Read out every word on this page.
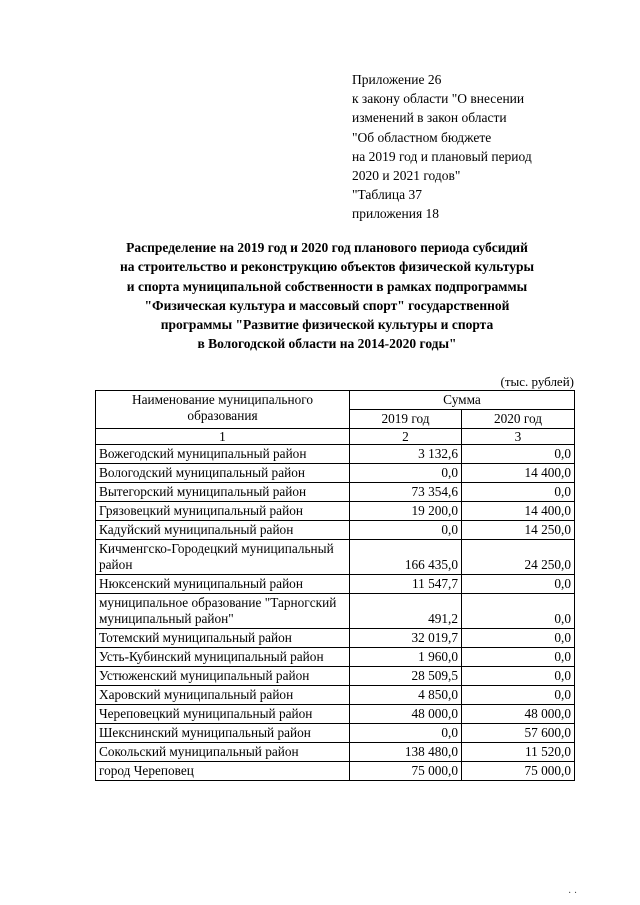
Приложение 26
к закону области "О внесении
изменений в закон области
"Об областном бюджете
на 2019 год и плановый период
2020 и 2021 годов"
"Таблица 37
приложения 18
Распределение на 2019 год и 2020 год планового периода субсидий
на строительство и реконструкцию объектов физической культуры
и спорта муниципальной собственности в рамках подпрограммы
"Физическая культура и массовый спорт" государственной
программы "Развитие физической культуры и спорта
в Вологодской области на 2014-2020 годы"
(тыс. рублей)
Наименование муниципального
образования	Сумма	
	2019 год	2020 год
1	2	3
Вожегодский муниципальный район	3 132,6	0,0
Вологодский муниципальный район	0,0	14 400,0
Вытегорский муниципальный район	73 354,6	0,0
Грязовецкий муниципальный район	19 200,0	14 400,0
Кадуйский муниципальный район	0,0	14 250,0
Кичменгско-Городецкий муниципальный район	166 435,0	24 250,0
Нюксенский муниципальный район	11 547,7	0,0
муниципальное образование "Тарногский муниципальный район"	491,2	0,0
Тотемский муниципальный район	32 019,7	0,0
Усть-Кубинский муниципальный район	1 960,0	0,0
Устюженский муниципальный район	28 509,5	0,0
Харовский муниципальный район	4 850,0	0,0
Череповецкий муниципальный район	48 000,0	48 000,0
Шекснинский муниципальный район	0,0	57 600,0
Сокольский муниципальный район	138 480,0	11 520,0
город Череповец	75 000,0	75 000,0
· ·
